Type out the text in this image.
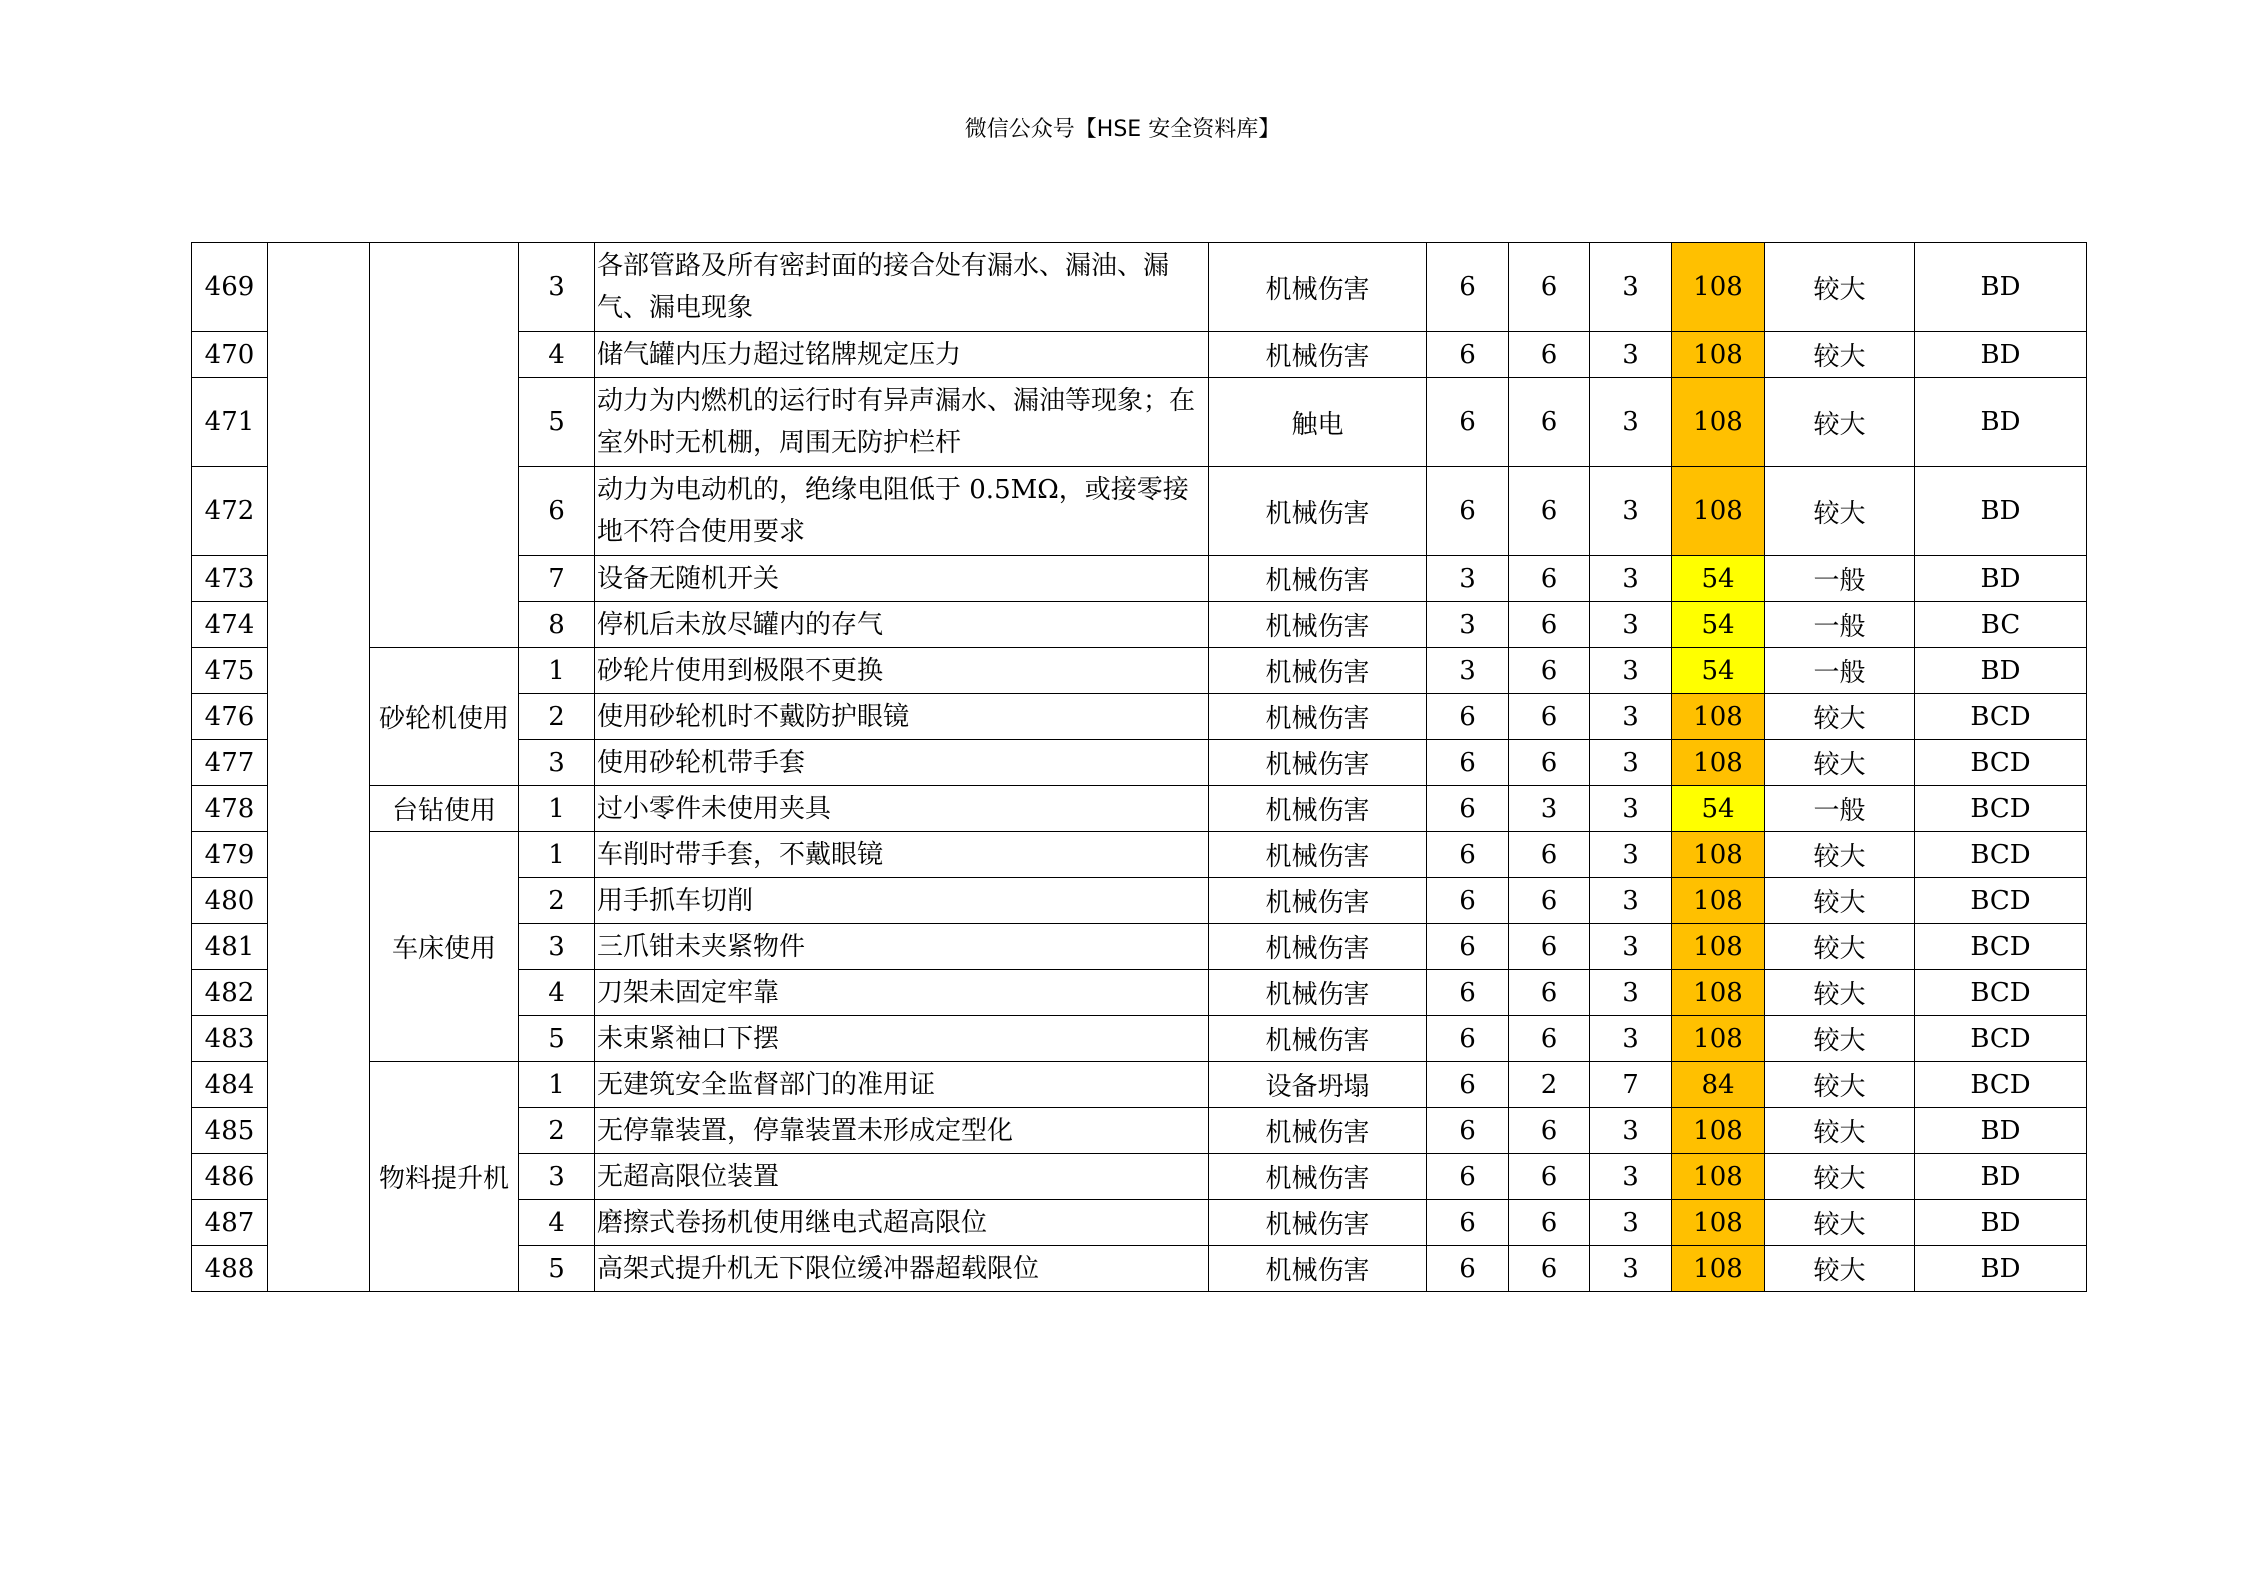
微信公众号【HSE 安全资料库】
469			3	各部管路及所有密封面的接合处有漏水、漏油、漏气、漏电现象	机械伤害	6	6	3	108	较大	BD
470			4	储气罐内压力超过铭牌规定压力	机械伤害	6	6	3	108	较大	BD
471			5	动力为内燃机的运行时有异声漏水、漏油等现象；在室外时无机棚，周围无防护栏杆	触电	6	6	3	108	较大	BD
472			6	动力为电动机的，绝缘电阻低于 0.5MΩ，或接零接地不符合使用要求	机械伤害	6	6	3	108	较大	BD
473			7	设备无随机开关	机械伤害	3	6	3	54	一般	BD
474			8	停机后未放尽罐内的存气	机械伤害	3	6	3	54	一般	BC
475		砂轮机使用	1	砂轮片使用到极限不更换	机械伤害	3	6	3	54	一般	BD
476			2	使用砂轮机时不戴防护眼镜	机械伤害	6	6	3	108	较大	BCD
477			3	使用砂轮机带手套	机械伤害	6	6	3	108	较大	BCD
478		台钻使用	1	过小零件未使用夹具	机械伤害	6	3	3	54	一般	BCD
479		车床使用	1	车削时带手套，不戴眼镜	机械伤害	6	6	3	108	较大	BCD
480			2	用手抓车切削	机械伤害	6	6	3	108	较大	BCD
481			3	三爪钳未夹紧物件	机械伤害	6	6	3	108	较大	BCD
482			4	刀架未固定牢靠	机械伤害	6	6	3	108	较大	BCD
483			5	未束紧袖口下摆	机械伤害	6	6	3	108	较大	BCD
484		物料提升机	1	无建筑安全监督部门的准用证	设备坍塌	6	2	7	84	较大	BCD
485			2	无停靠装置，停靠装置未形成定型化	机械伤害	6	6	3	108	较大	BD
486			3	无超高限位装置	机械伤害	6	6	3	108	较大	BD
487			4	磨擦式卷扬机使用继电式超高限位	机械伤害	6	6	3	108	较大	BD
488			5	高架式提升机无下限位缓冲器超载限位	机械伤害	6	6	3	108	较大	BD
